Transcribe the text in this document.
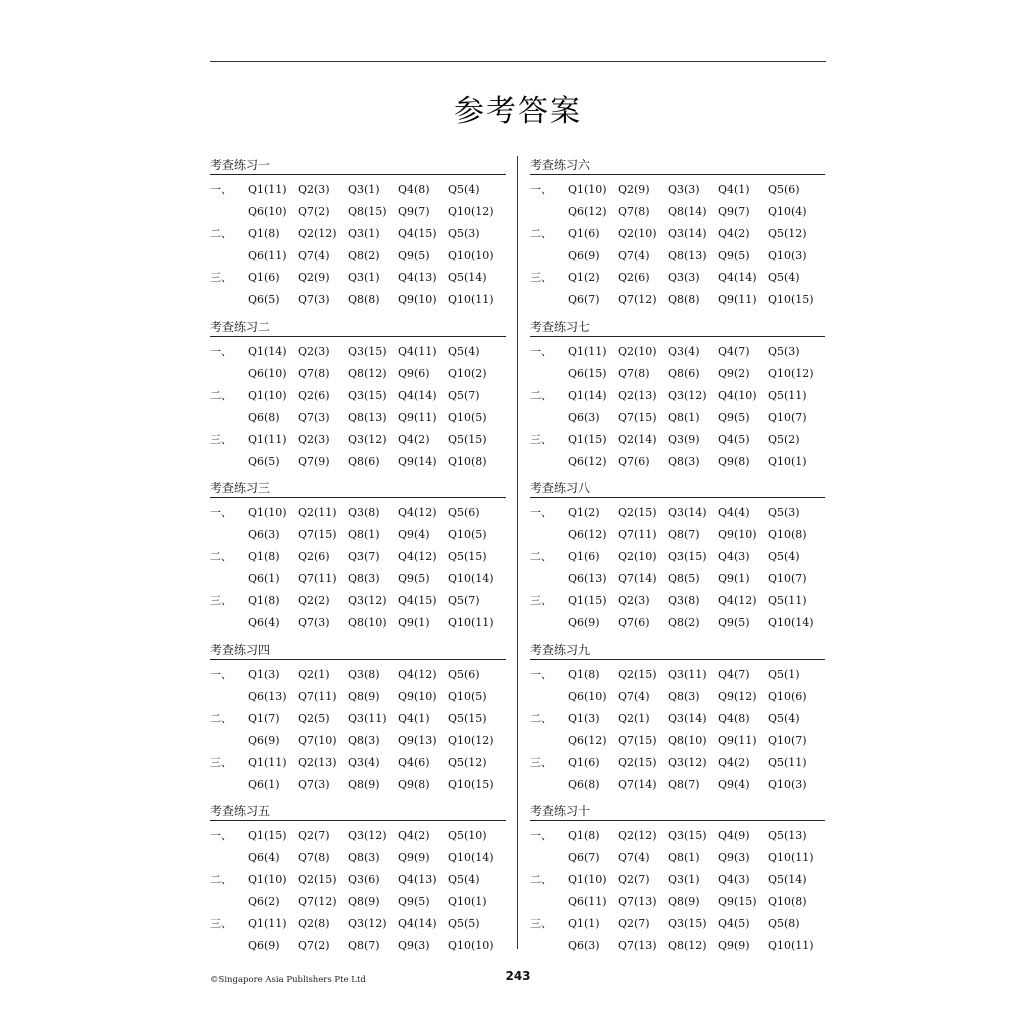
参考答案
考查练习一
一、	Q1(11)	Q2(3)	Q3(1)	Q4(8)	Q5(4)
Q6(10)	Q7(2)	Q8(15)	Q9(7)	Q10(12)
二、	Q1(8)	Q2(12)	Q3(1)	Q4(15)	Q5(3)
Q6(11)	Q7(4)	Q8(2)	Q9(5)	Q10(10)
三、	Q1(6)	Q2(9)	Q3(1)	Q4(13)	Q5(14)
Q6(5)	Q7(3)	Q8(8)	Q9(10)	Q10(11)
考查练习二
一、	Q1(14)	Q2(3)	Q3(15)	Q4(11)	Q5(4)
Q6(10)	Q7(8)	Q8(12)	Q9(6)	Q10(2)
二、	Q1(10)	Q2(6)	Q3(15)	Q4(14)	Q5(7)
Q6(8)	Q7(3)	Q8(13)	Q9(11)	Q10(5)
三、	Q1(11)	Q2(3)	Q3(12)	Q4(2)	Q5(15)
Q6(5)	Q7(9)	Q8(6)	Q9(14)	Q10(8)
考查练习三
一、	Q1(10)	Q2(11)	Q3(8)	Q4(12)	Q5(6)
Q6(3)	Q7(15)	Q8(1)	Q9(4)	Q10(5)
二、	Q1(8)	Q2(6)	Q3(7)	Q4(12)	Q5(15)
Q6(1)	Q7(11)	Q8(3)	Q9(5)	Q10(14)
三、	Q1(8)	Q2(2)	Q3(12)	Q4(15)	Q5(7)
Q6(4)	Q7(3)	Q8(10)	Q9(1)	Q10(11)
考查练习四
一、	Q1(3)	Q2(1)	Q3(8)	Q4(12)	Q5(6)
Q6(13)	Q7(11)	Q8(9)	Q9(10)	Q10(5)
二、	Q1(7)	Q2(5)	Q3(11)	Q4(1)	Q5(15)
Q6(9)	Q7(10)	Q8(3)	Q9(13)	Q10(12)
三、	Q1(11)	Q2(13)	Q3(4)	Q4(6)	Q5(12)
Q6(1)	Q7(3)	Q8(9)	Q9(8)	Q10(15)
考查练习五
一、	Q1(15)	Q2(7)	Q3(12)	Q4(2)	Q5(10)
Q6(4)	Q7(8)	Q8(3)	Q9(9)	Q10(14)
二、	Q1(10)	Q2(15)	Q3(6)	Q4(13)	Q5(4)
Q6(2)	Q7(12)	Q8(9)	Q9(5)	Q10(1)
三、	Q1(11)	Q2(8)	Q3(12)	Q4(14)	Q5(5)
Q6(9)	Q7(2)	Q8(7)	Q9(3)	Q10(10)
考查练习六
一、	Q1(10)	Q2(9)	Q3(3)	Q4(1)	Q5(6)
Q6(12)	Q7(8)	Q8(14)	Q9(7)	Q10(4)
二、	Q1(6)	Q2(10)	Q3(14)	Q4(2)	Q5(12)
Q6(9)	Q7(4)	Q8(13)	Q9(5)	Q10(3)
三、	Q1(2)	Q2(6)	Q3(3)	Q4(14)	Q5(4)
Q6(7)	Q7(12)	Q8(8)	Q9(11)	Q10(15)
考查练习七
一、	Q1(11)	Q2(10)	Q3(4)	Q4(7)	Q5(3)
Q6(15)	Q7(8)	Q8(6)	Q9(2)	Q10(12)
二、	Q1(14)	Q2(13)	Q3(12)	Q4(10)	Q5(11)
Q6(3)	Q7(15)	Q8(1)	Q9(5)	Q10(7)
三、	Q1(15)	Q2(14)	Q3(9)	Q4(5)	Q5(2)
Q6(12)	Q7(6)	Q8(3)	Q9(8)	Q10(1)
考查练习八
一、	Q1(2)	Q2(15)	Q3(14)	Q4(4)	Q5(3)
Q6(12)	Q7(11)	Q8(7)	Q9(10)	Q10(8)
二、	Q1(6)	Q2(10)	Q3(15)	Q4(3)	Q5(4)
Q6(13)	Q7(14)	Q8(5)	Q9(1)	Q10(7)
三、	Q1(15)	Q2(3)	Q3(8)	Q4(12)	Q5(11)
Q6(9)	Q7(6)	Q8(2)	Q9(5)	Q10(14)
考查练习九
一、	Q1(8)	Q2(15)	Q3(11)	Q4(7)	Q5(1)
Q6(10)	Q7(4)	Q8(3)	Q9(12)	Q10(6)
二、	Q1(3)	Q2(1)	Q3(14)	Q4(8)	Q5(4)
Q6(12)	Q7(15)	Q8(10)	Q9(11)	Q10(7)
三、	Q1(6)	Q2(15)	Q3(12)	Q4(2)	Q5(11)
Q6(8)	Q7(14)	Q8(7)	Q9(4)	Q10(3)
考查练习十
一、	Q1(8)	Q2(12)	Q3(15)	Q4(9)	Q5(13)
Q6(7)	Q7(4)	Q8(1)	Q9(3)	Q10(11)
二、	Q1(10)	Q2(7)	Q3(1)	Q4(3)	Q5(14)
Q6(11)	Q7(13)	Q8(9)	Q9(15)	Q10(8)
三、	Q1(1)	Q2(7)	Q3(15)	Q4(5)	Q5(8)
Q6(3)	Q7(13)	Q8(12)	Q9(9)	Q10(11)
©Singapore Asia Publishers Pte Ltd	243
